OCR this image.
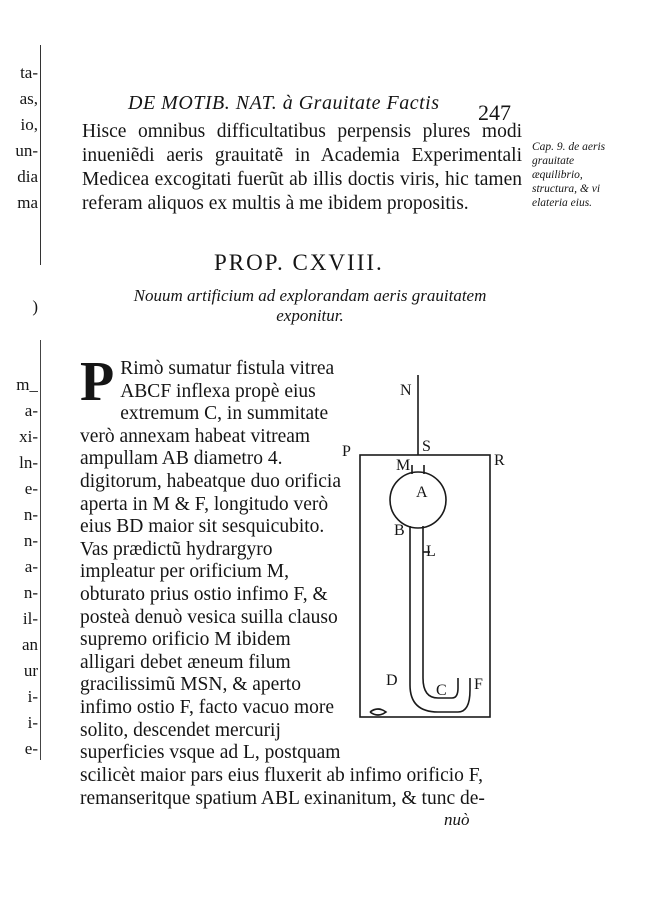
ta-
as,
io,
un-
dia
ma
)
m_
a-
xi-
ln-
e-
n-
n-
a-
n-
il-
an
ur
i-
i-
e-
DE MOTIB. NAT. à Grauitate Factis 247
Hisce omnibus difficultatibus perpensis plures modi inueniẽdi aeris grauitatẽ in Academia Experimentali Medicea excogitati fuerũt ab illis doctis viris, hic tamen referam aliquos ex multis à me ibidem propositis.
Cap. 9. de aeris grauitate æquilibrio, structura, & vi elateria eius.
PROP. CXVIII.
Nouum artificium ad explorandam aeris grauitatem exponitur.
P Rimò sumatur fistula vitrea ABCF inflexa propè eius extremum C, in summitate verò annexam habeat vitream ampullam AB diametro 4. digitorum, habeatque duo orificia aperta in M & F, longitudo verò eius BD maior sit sesquicubito. Vas prædictũ hydrargyro impleatur per orificium M, obturato prius ostio infimo F, & posteà denuò vesica suilla clauso supremo orificio M ibidem alligari debet æneum filum gracilissimũ MSN, & aperto infimo ostio F, facto vacuo more solito, descendet mercurij superficies vsque ad L, postquam
scilicèt maior pars eius fluxerit ab infimo orificio F, remanseritque spatium ABL exinanitum, & tunc de-
nuò
N
S
P
R
M
A
B
L
D
C F
